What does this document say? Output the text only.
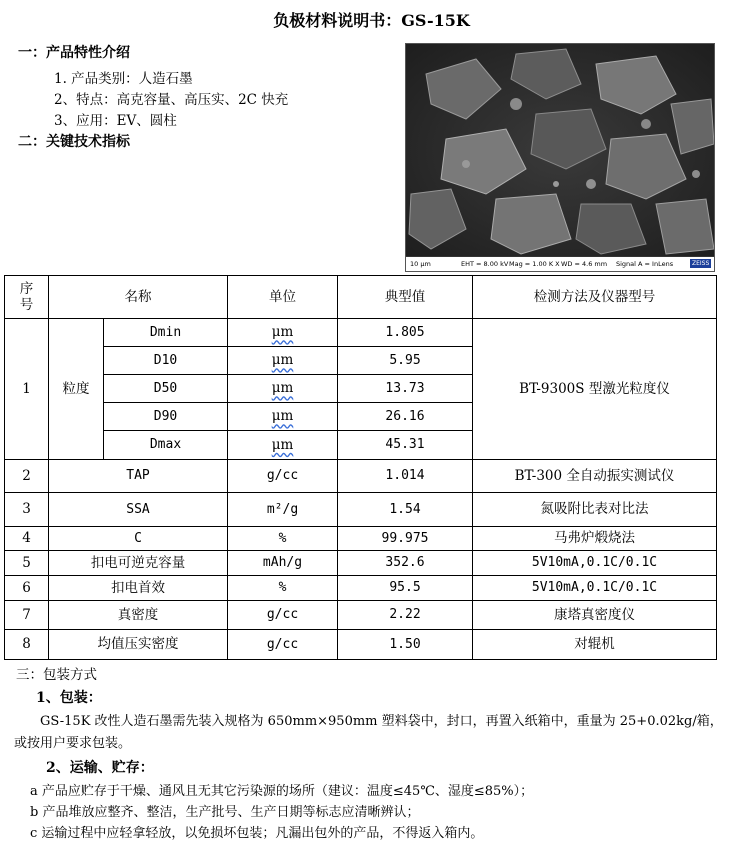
负极材料说明书：GS-15K
一：产品特性介绍
1. 产品类别：人造石墨
2、特点：高克容量、高压实、2C 快充
3、应用：EV、圆柱
二：关键技术指标
10 μm	EHT = 8.00 kV Mag = 1.00 K X WD = 4.6 mm Signal A = InLens	ZEISS
序号	名称		单位	典型值	检测方法及仪器型号
1	粒度	Dmin	μm	1.805	BT-9300S 型激光粒度仪
		D10	μm	5.95	
		D50	μm	13.73	
		D90	μm	26.16	
		Dmax	μm	45.31	
2	TAP		g/cc	1.014	BT-300 全自动振实测试仪
3	SSA		m²/g	1.54	氮吸附比表对比法
4	C		%	99.975	马弗炉煅烧法
5	扣电可逆克容量		mAh/g	352.6	5V10mA,0.1C/0.1C
6	扣电首效		%	95.5	5V10mA,0.1C/0.1C
7	真密度		g/cc	2.22	康塔真密度仪
8	均值压实密度		g/cc	1.50	对辊机
三：包装方式
1、包装：
GS-15K 改性人造石墨需先装入规格为 650mm×950mm 塑料袋中，封口，再置入纸箱中，重量为 25+0.02kg/箱，或按用户要求包装。
2、运输、贮存：
a 产品应贮存于干燥、通风且无其它污染源的场所（建议：温度≤45℃、湿度≤85%）；
b 产品堆放应整齐、整洁，生产批号、生产日期等标志应清晰辨认；
c 运输过程中应轻拿轻放，以免损坏包装；凡漏出包外的产品，不得返入箱内。
